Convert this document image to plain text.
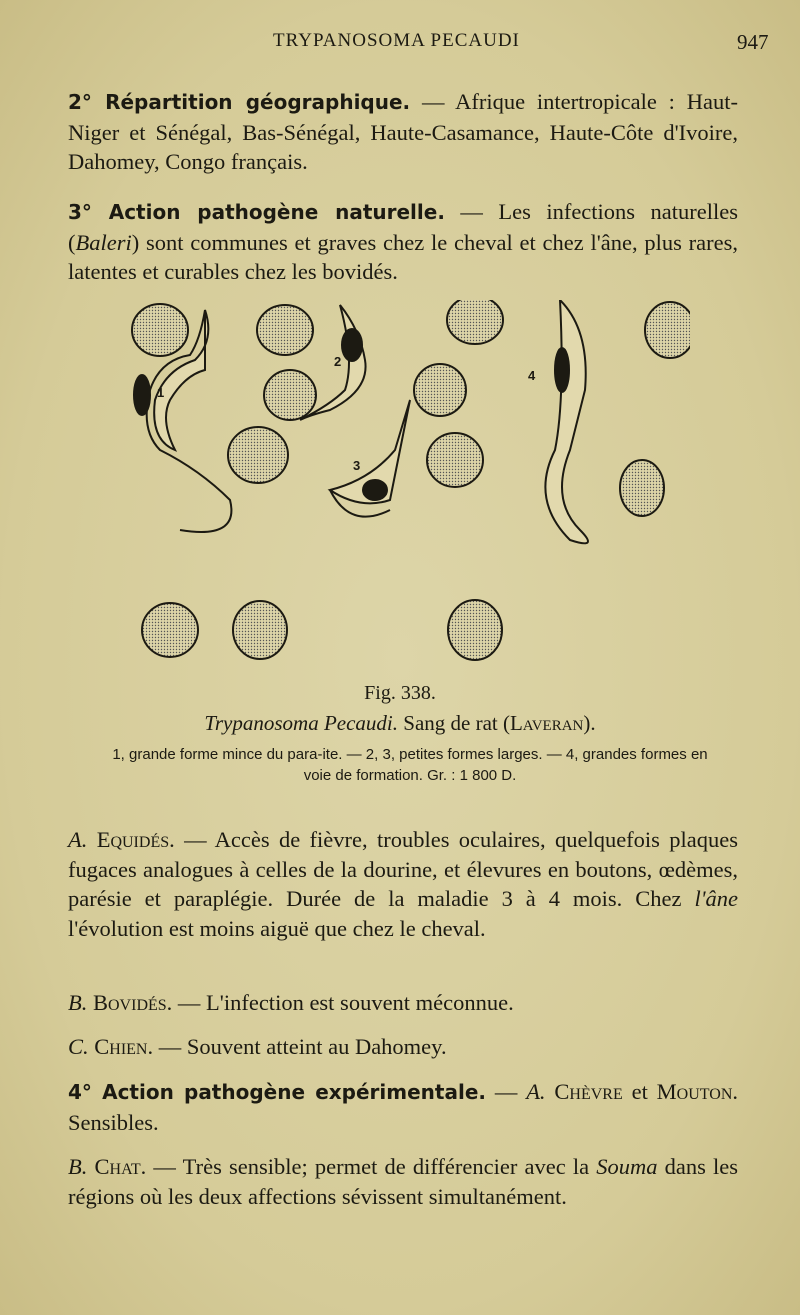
TRYPANOSOMA PECAUDI	947

2° Répartition géographique. — Afrique intertropicale : Haut-Niger et Sénégal, Bas-Sénégal, Haute-Casamance, Haute-Côte d'Ivoire, Dahomey, Congo français.

3° Action pathogène naturelle. — Les infections naturelles (Baleri) sont communes et graves chez le cheval et chez l'âne, plus rares, latentes et curables chez les bovidés.

1
2
3
4
Fig. 338.
Trypanosoma Pecaudi. Sang de rat (Laveran).
1, grande forme mince du para-ite. — 2, 3, petites formes larges. — 4, grandes formes en voie de formation. Gr. : 1 800 D.

A. Equidés. — Accès de fièvre, troubles oculaires, quelquefois plaques fugaces analogues à celles de la dourine, et élevures en boutons, œdèmes, parésie et paraplégie. Durée de la maladie 3 à 4 mois. Chez l'âne l'évolution est moins aiguë que chez le cheval.

B. Bovidés. — L'infection est souvent méconnue.

C. Chien. — Souvent atteint au Dahomey.

4° Action pathogène expérimentale. — A. Chèvre et Mouton. Sensibles.

B. Chat. — Très sensible; permet de différencier avec la Souma dans les régions où les deux affections sévissent simultanément.
